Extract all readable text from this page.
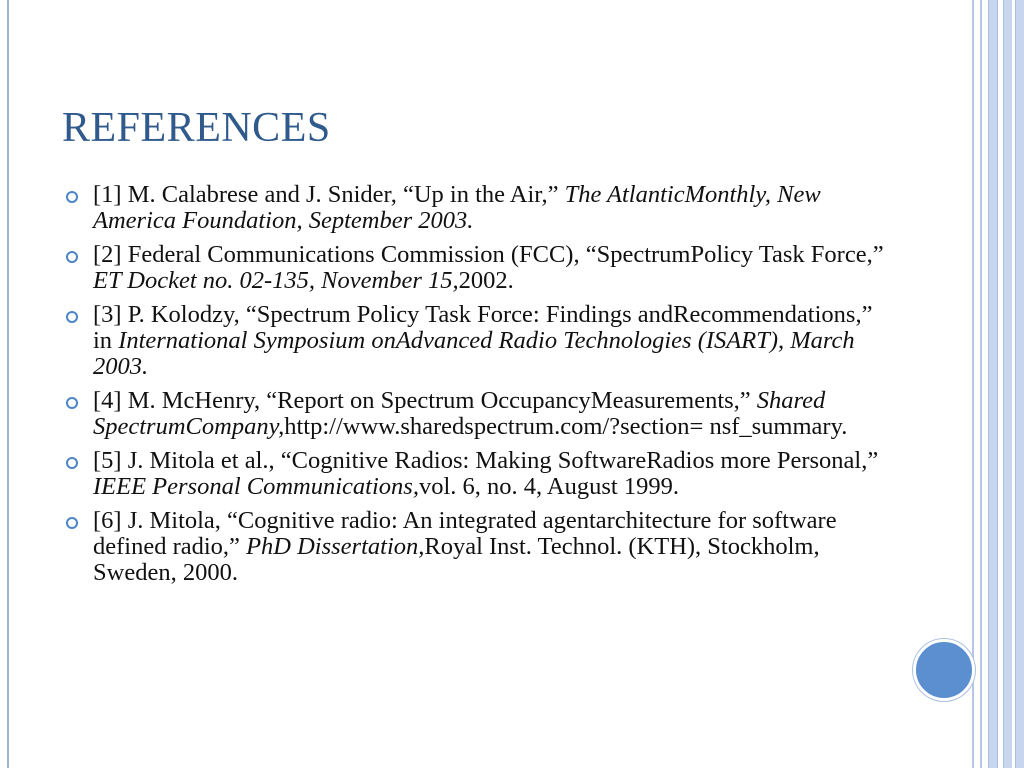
REFERENCES
[1] M. Calabrese and J. Snider, “Up in the Air,” The AtlanticMonthly, New America Foundation, September 2003.
[2] Federal Communications Commission (FCC), “SpectrumPolicy Task Force,” ET Docket no. 02-135, November 15,2002.
[3] P. Kolodzy, “Spectrum Policy Task Force: Findings andRecommendations,” in International Symposium onAdvanced Radio Technologies (ISART), March 2003.
[4] M. McHenry, “Report on Spectrum OccupancyMeasurements,” Shared SpectrumCompany,http://www.sharedspectrum.com/?section= nsf_summary.
[5] J. Mitola et al., “Cognitive Radios: Making SoftwareRadios more Personal,” IEEE Personal Communications,vol. 6, no. 4, August 1999.
[6] J. Mitola, “Cognitive radio: An integrated agentarchitecture for software defined radio,” PhD Dissertation,Royal Inst. Technol. (KTH), Stockholm, Sweden, 2000.
